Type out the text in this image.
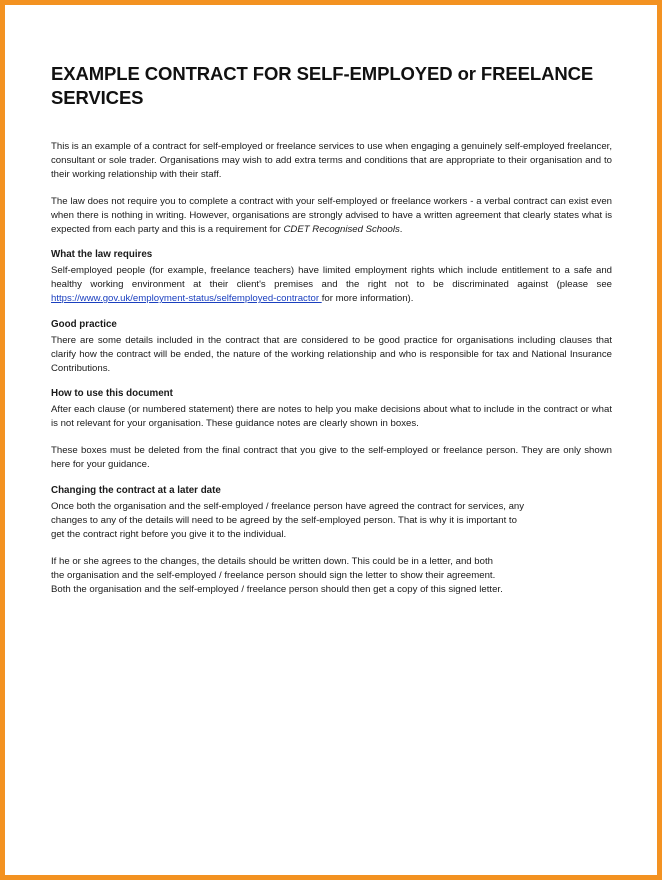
EXAMPLE CONTRACT FOR SELF-EMPLOYED or FREELANCE SERVICES

This is an example of a contract for self-employed or freelance services to use when engaging a genuinely self-employed freelancer, consultant or sole trader. Organisations may wish to add extra terms and conditions that are appropriate to their organisation and to their working relationship with their staff.

The law does not require you to complete a contract with your self-employed or freelance workers - a verbal contract can exist even when there is nothing in writing. However, organisations are strongly advised to have a written agreement that clearly states what is expected from each party and this is a requirement for CDET Recognised Schools.

What the law requires

Self-employed people (for example, freelance teachers) have limited employment rights which include entitlement to a safe and healthy working environment at their client's premises and the right not to be discriminated against (please see https://www.gov.uk/employment-status/selfemployed-contractor for more information).

Good practice

There are some details included in the contract that are considered to be good practice for organisations including clauses that clarify how the contract will be ended, the nature of the working relationship and who is responsible for tax and National Insurance Contributions.

How to use this document

After each clause (or numbered statement) there are notes to help you make decisions about what to include in the contract or what is not relevant for your organisation. These guidance notes are clearly shown in boxes.

These boxes must be deleted from the final contract that you give to the self-employed or freelance person. They are only shown here for your guidance.

Changing the contract at a later date

Once both the organisation and the self-employed / freelance person have agreed the contract for services, any
changes to any of the details will need to be agreed by the self-employed person. That is why it is important to
get the contract right before you give it to the individual.

If he or she agrees to the changes, the details should be written down. This could be in a letter, and both
the organisation and the self-employed / freelance person should sign the letter to show their agreement.
Both the organisation and the self-employed / freelance person should then get a copy of this signed letter.
